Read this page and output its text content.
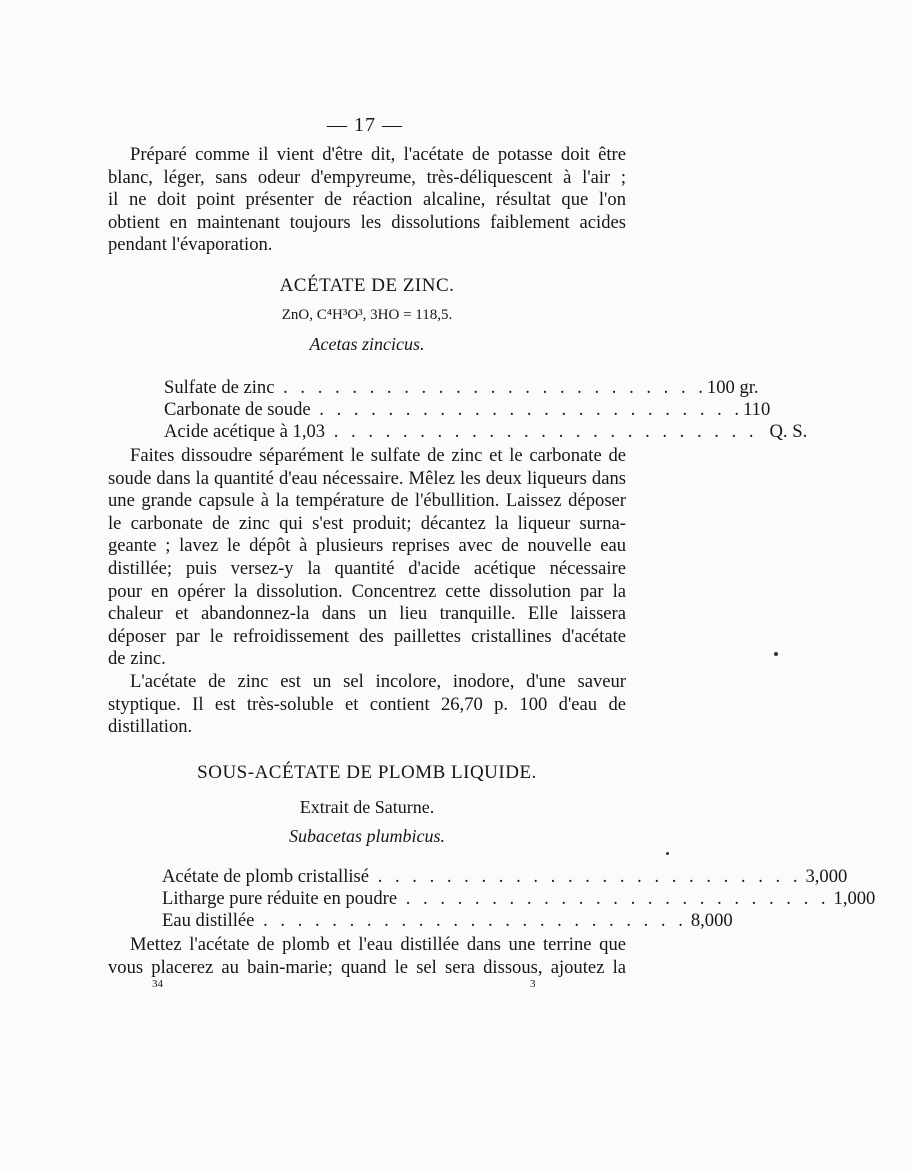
— 17 —
Préparé comme il vient d'être dit, l'acétate de potasse doit être
blanc, léger, sans odeur d'empyreume, très-déliquescent à l'air ;
il ne doit point présenter de réaction alcaline, résultat que l'on
obtient en maintenant toujours les dissolutions faiblement acides
pendant l'évaporation.
ACÉTATE DE ZINC.
ZnO, C⁴H³O³, 3HO = 118,5.
Acetas zincicus.
Sulfate de zinc . . . . . . . . . . . . . . . . . . . . . . . . . 100 gr.
Carbonate de soude . . . . . . . . . . . . . . . . . . . . . . . . . 110
Acide acétique à 1,03 . . . . . . . . . . . . . . . . . . . . . . . . . Q. S.
Faites dissoudre séparément le sulfate de zinc et le carbonate de
soude dans la quantité d'eau nécessaire. Mêlez les deux liqueurs dans
une grande capsule à la température de l'ébullition. Laissez déposer
le carbonate de zinc qui s'est produit; décantez la liqueur surna-
geante ; lavez le dépôt à plusieurs reprises avec de nouvelle eau
distillée; puis versez-y la quantité d'acide acétique nécessaire
pour en opérer la dissolution. Concentrez cette dissolution par la
chaleur et abandonnez-la dans un lieu tranquille. Elle laissera
déposer par le refroidissement des paillettes cristallines d'acétate
de zinc.
L'acétate de zinc est un sel incolore, inodore, d'une saveur
styptique. Il est très-soluble et contient 26,70 p. 100 d'eau de
distillation.
SOUS-ACÉTATE DE PLOMB LIQUIDE.
Extrait de Saturne.
Subacetas plumbicus.
Acétate de plomb cristallisé . . . . . . . . . . . . . . . . . . . . . . . . . 3,000
Litharge pure réduite en poudre . . . . . . . . . . . . . . . . . . . . . . . . . 1,000
Eau distillée . . . . . . . . . . . . . . . . . . . . . . . . . 8,000
Mettez l'acétate de plomb et l'eau distillée dans une terrine que
vous placerez au bain-marie; quand le sel sera dissous, ajoutez la
34	3
